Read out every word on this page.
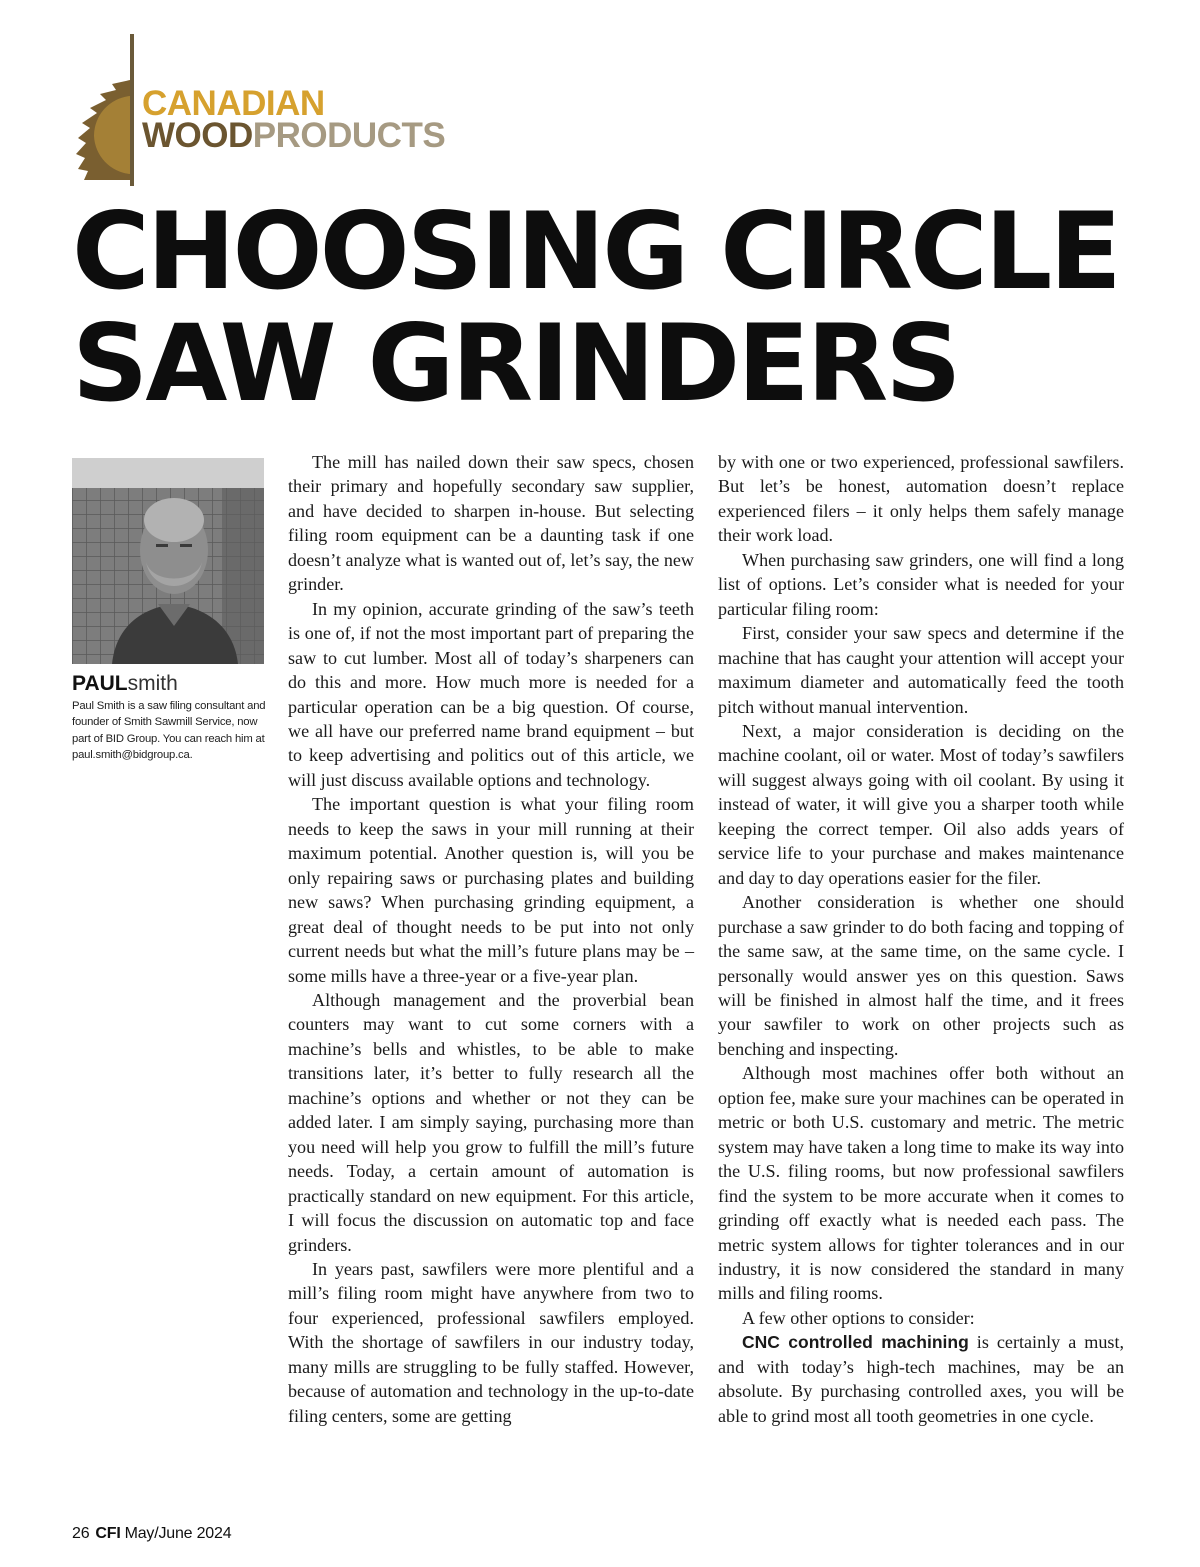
CANADIAN
WOODPRODUCTS
CHOOSING CIRCLE
SAW GRINDERS
PAULsmith
Paul Smith is a saw filing consultant and founder of Smith Sawmill Service, now part of BID Group. You can reach him at paul.smith@bidgroup.ca.

The mill has nailed down their saw specs, chosen their primary and hopefully secondary saw supplier, and have decided to sharpen in-house. But selecting filing room equipment can be a daunting task if one doesn’t analyze what is wanted out of, let’s say, the new grinder.

In my opinion, accurate grinding of the saw’s teeth is one of, if not the most important part of preparing the saw to cut lumber. Most all of today’s sharpeners can do this and more. How much more is needed for a particular operation can be a big question. Of course, we all have our preferred name brand equipment – but to keep advertising and politics out of this article, we will just discuss available options and technology.

The important question is what your filing room needs to keep the saws in your mill running at their maximum potential. Another question is, will you be only repairing saws or purchasing plates and building new saws? When purchasing grinding equipment, a great deal of thought needs to be put into not only current needs but what the mill’s future plans may be – some mills have a three-year or a five-year plan.

Although management and the proverbial bean counters may want to cut some corners with a machine’s bells and whistles, to be able to make transitions later, it’s better to fully research all the machine’s options and whether or not they can be added later. I am simply saying, purchasing more than you need will help you grow to fulfill the mill’s future needs. Today, a certain amount of automation is practically standard on new equipment. For this article, I will focus the discussion on automatic top and face grinders.

In years past, sawfilers were more plentiful and a mill’s filing room might have anywhere from two to four experienced, professional sawfilers employed. With the shortage of sawfilers in our industry today, many mills are struggling to be fully staffed. However, because of automation and technology in the up-to-date filing centers, some are getting

by with one or two experienced, professional sawfilers. But let’s be honest, automation doesn’t replace experienced filers – it only helps them safely manage their work load.

When purchasing saw grinders, one will find a long list of options. Let’s consider what is needed for your particular filing room:

First, consider your saw specs and determine if the machine that has caught your attention will accept your maximum diameter and automatically feed the tooth pitch without manual intervention.

Next, a major consideration is deciding on the machine coolant, oil or water. Most of today’s sawfilers will suggest always going with oil coolant. By using it instead of water, it will give you a sharper tooth while keeping the correct temper. Oil also adds years of service life to your purchase and makes maintenance and day to day operations easier for the filer.

Another consideration is whether one should purchase a saw grinder to do both facing and topping of the same saw, at the same time, on the same cycle. I personally would answer yes on this question. Saws will be finished in almost half the time, and it frees your sawfiler to work on other projects such as benching and inspecting.

Although most machines offer both without an option fee, make sure your machines can be operated in metric or both U.S. customary and metric. The metric system may have taken a long time to make its way into the U.S. filing rooms, but now professional sawfilers find the system to be more accurate when it comes to grinding off exactly what is needed each pass. The metric system allows for tighter tolerances and in our industry, it is now considered the standard in many mills and filing rooms.

A few other options to consider:

CNC controlled machining is certainly a must, and with today’s high-tech machines, may be an absolute. By purchasing controlled axes, you will be able to grind most all tooth geometries in one cycle.

26 CFI May/June 2024
